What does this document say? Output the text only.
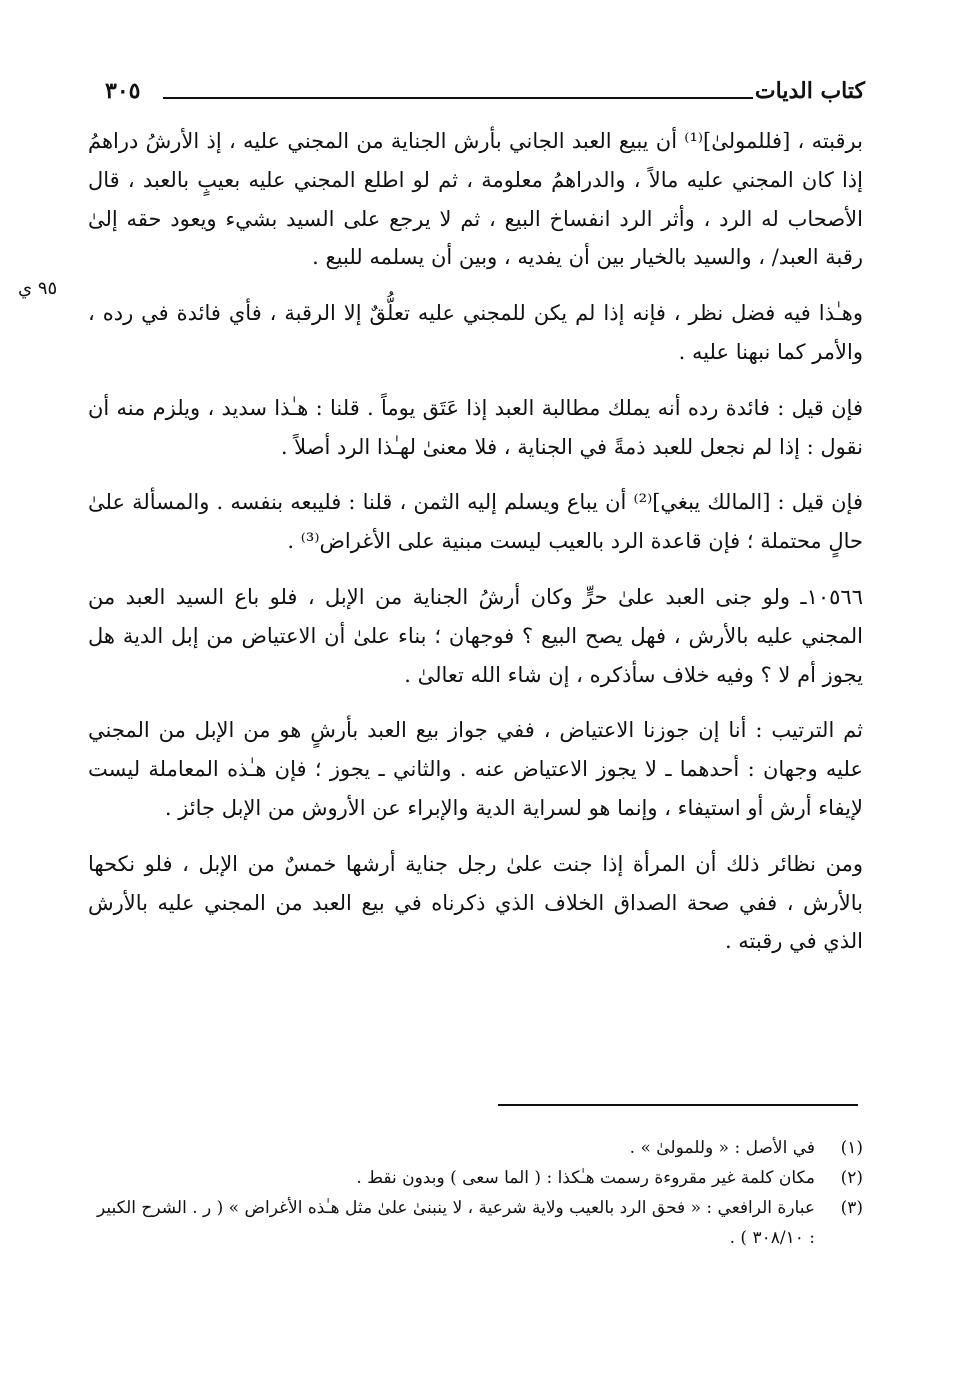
كتاب الديات
٣٠٥
٩٥ ي

برقبته ، [فللمولىٰ]⁽¹⁾ أن يبيع العبد الجاني بأرش الجناية من المجني عليه ، إذ الأرشُ دراهمُ إذا كان المجني عليه مالاً ، والدراهمُ معلومة ، ثم لو اطلع المجني عليه بعيبٍ بالعبد ، قال الأصحاب له الرد ، وأثر الرد انفساخ البيع ، ثم لا يرجع على السيد بشيء ويعود حقه إلىٰ رقبة العبد/ ، والسيد بالخيار بين أن يفديه ، وبين أن يسلمه للبيع .

وهـٰذا فيه فضل نظر ، فإنه إذا لم يكن للمجني عليه تعلُّقٌ إلا الرقبة ، فأي فائدة في رده ، والأمر كما نبهنا عليه .

فإن قيل : فائدة رده أنه يملك مطالبة العبد إذا عَتَق يوماً . قلنا : هـٰذا سديد ، ويلزم منه أن نقول : إذا لم نجعل للعبد ذمةً في الجناية ، فلا معنىٰ لهـٰذا الرد أصلاً .

فإن قيل : [المالك يبغي]⁽²⁾ أن يباع ويسلم إليه الثمن ، قلنا : فليبعه بنفسه . والمسألة علىٰ حالٍ محتملة ؛ فإن قاعدة الرد بالعيب ليست مبنية على الأغراض⁽³⁾ .

١٠٥٦٦ـ ولو جنى العبد علىٰ حرٍّ وكان أرشُ الجناية من الإبل ، فلو باع السيد العبد من المجني عليه بالأرش ، فهل يصح البيع ؟ فوجهان ؛ بناء علىٰ أن الاعتياض من إبل الدية هل يجوز أم لا ؟ وفيه خلاف سأذكره ، إن شاء الله تعالىٰ .

ثم الترتيب : أنا إن جوزنا الاعتياض ، ففي جواز بيع العبد بأرشٍ هو من الإبل من المجني عليه وجهان : أحدهما ـ لا يجوز الاعتياض عنه . والثاني ـ يجوز ؛ فإن هـٰذه المعاملة ليست لإيفاء أرش أو استيفاء ، وإنما هو لسراية الدية والإبراء عن الأروش من الإبل جائز .

ومن نظائر ذلك أن المرأة إذا جنت علىٰ رجل جناية أرشها خمسٌ من الإبل ، فلو نكحها بالأرش ، ففي صحة الصداق الخلاف الذي ذكرناه في بيع العبد من المجني عليه بالأرش الذي في رقبته .

(١)
في الأصل : « وللمولىٰ » .
(٢)
مكان كلمة غير مقروءة رسمت هـٰكذا : ( الما سعى ) وبدون نقط .
(٣)
عبارة الرافعي : « فحق الرد بالعيب ولاية شرعية ، لا ينبنىٰ علىٰ مثل هـٰذه الأغراض » ( ر . الشرح الكبير : ٣٠٨/١٠ ) .
